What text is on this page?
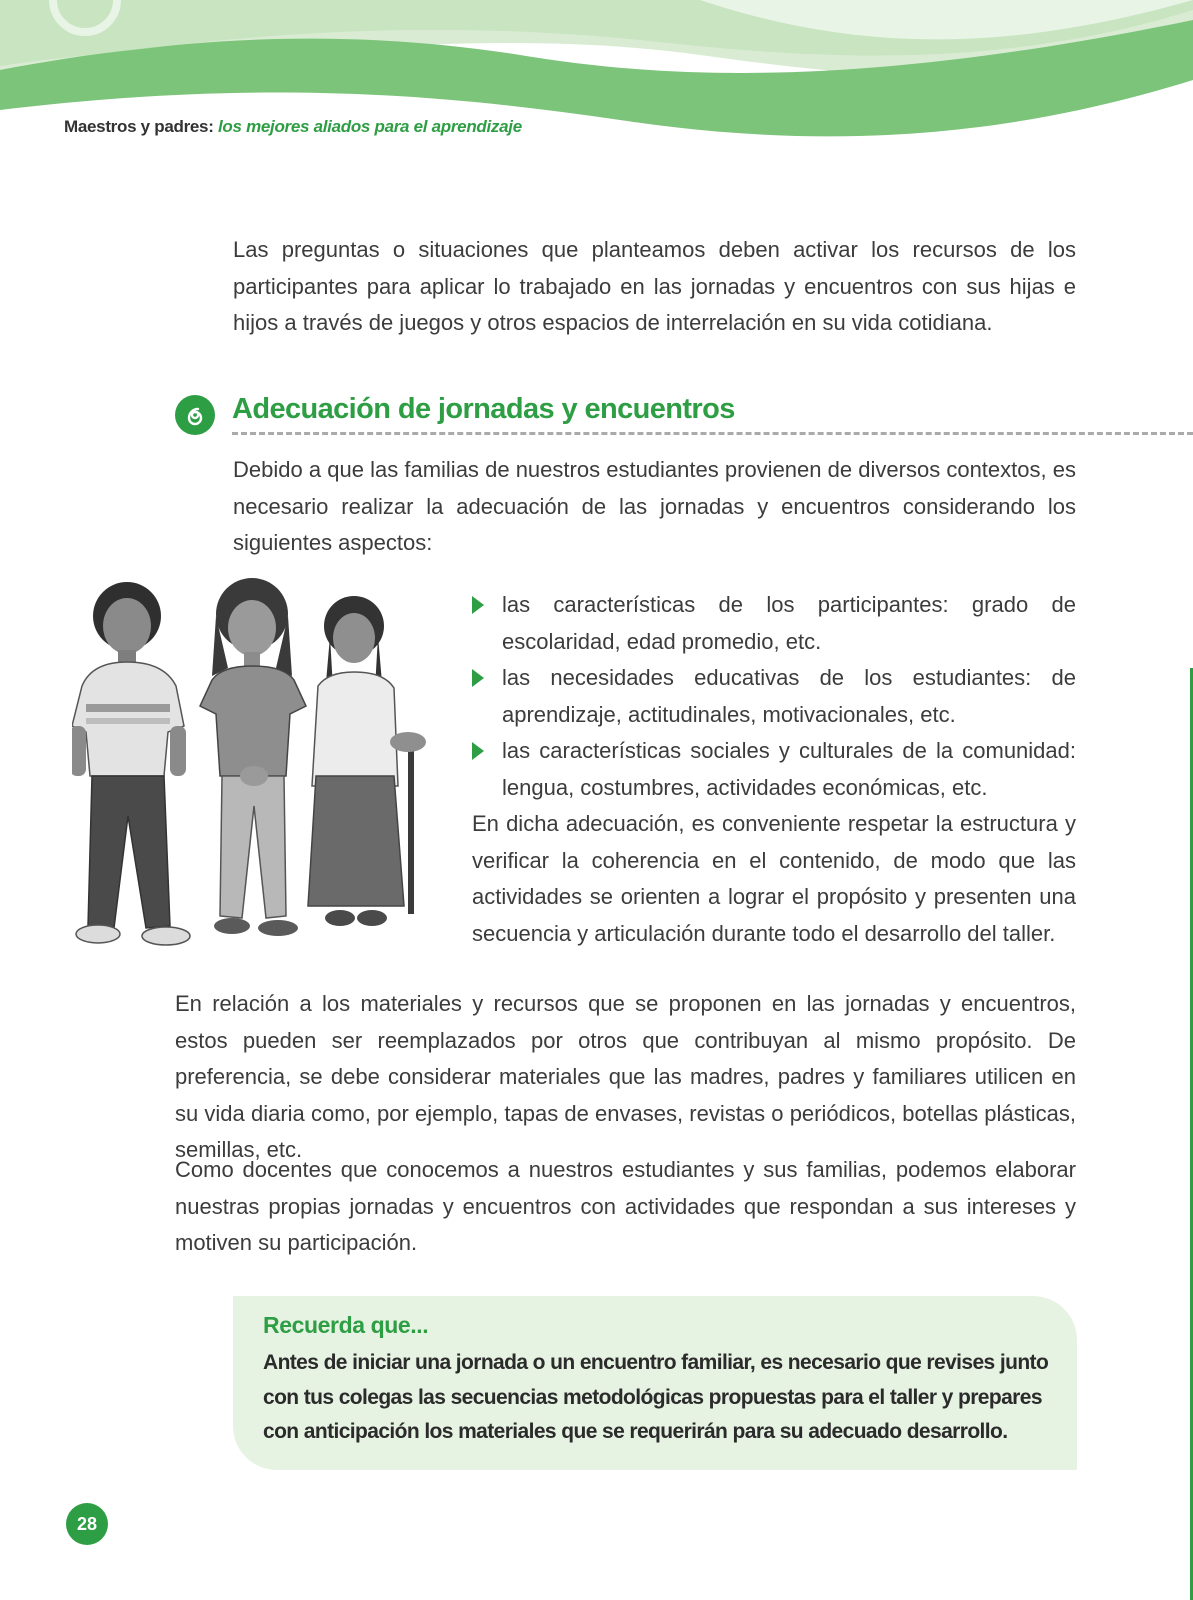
Maestros y padres: los mejores aliados para el aprendizaje

Las preguntas o situaciones que planteamos deben activar los recursos de los participantes para aplicar lo trabajado en las jornadas y encuentros con sus hijas e hijos a través de juegos y otros espacios de interrelación en su vida cotidiana.

Adecuación de jornadas y encuentros

Debido a que las familias de nuestros estudiantes provienen de diversos contextos, es necesario realizar la adecuación de las jornadas y encuentros considerando los siguientes aspectos:

las características de los participantes: grado de escolaridad, edad promedio, etc.
las necesidades educativas de los estudiantes: de aprendizaje, actitudinales, motivacionales, etc.
las características sociales y culturales de la comunidad: lengua, costumbres, actividades económicas, etc.

En dicha adecuación, es conveniente respetar la estructura y verificar la coherencia en el contenido, de modo que las actividades se orienten a lograr el propósito y presenten una secuencia y articulación durante todo el desarrollo del taller.

En relación a los materiales y recursos que se proponen en las jornadas y encuentros, estos pueden ser reemplazados por otros que contribuyan al mismo propósito. De preferencia, se debe considerar materiales que las madres, padres y familiares utilicen en su vida diaria como, por ejemplo, tapas de envases, revistas o periódicos, botellas plásticas, semillas, etc.

Como docentes que conocemos a nuestros estudiantes y sus familias, podemos elaborar nuestras propias jornadas y encuentros con actividades que respondan a sus intereses y motiven su participación.

Recuerda que...

Antes de iniciar una jornada o un encuentro familiar, es necesario que revises junto con tus colegas las secuencias metodológicas propuestas para el taller y prepares con anticipación los materiales que se requerirán para su adecuado desarrollo.

28
